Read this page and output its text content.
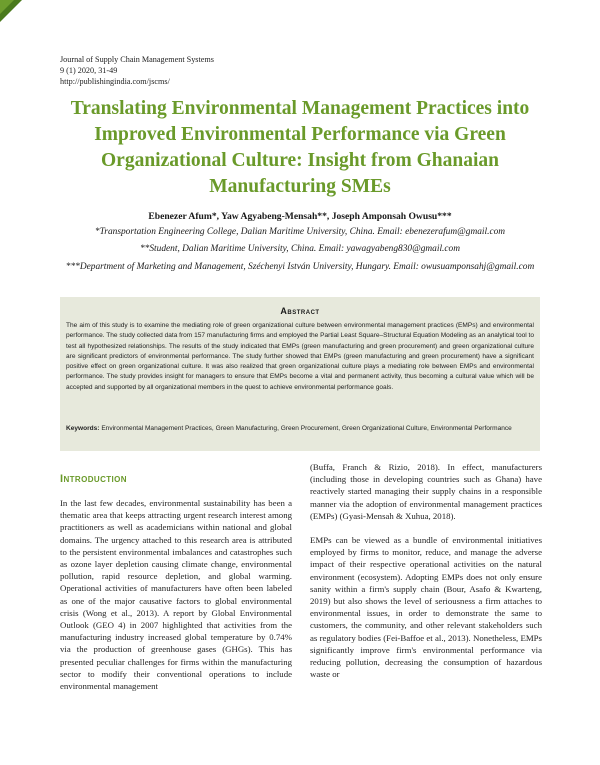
Journal of Supply Chain Management Systems
9 (1) 2020, 31-49
http://publishingindia.com/jscms/
Translating Environmental Management Practices into Improved Environmental Performance via Green Organizational Culture: Insight from Ghanaian Manufacturing SMEs
Ebenezer Afum*, Yaw Agyabeng-Mensah**, Joseph Amponsah Owusu***
*Transportation Engineering College, Dalian Maritime University, China. Email: ebenezerafum@gmail.com
**Student, Dalian Maritime University, China. Email: yawagyabeng830@gmail.com
***Department of Marketing and Management, Széchenyi István University, Hungary. Email: owusuamponsahj@gmail.com
Abstract
The aim of this study is to examine the mediating role of green organizational culture between environmental management practices (EMPs) and environmental performance. The study collected data from 157 manufacturing firms and employed the Partial Least Square–Structural Equation Modeling as an analytical tool to test all hypothesized relationships. The results of the study indicated that EMPs (green manufacturing and green procurement) and green organizational culture are significant predictors of environmental performance. The study further showed that EMPs (green manufacturing and green procurement) have a significant positive effect on green organizational culture. It was also realized that green organizational culture plays a mediating role between EMPs and environmental performance. The study provides insight for managers to ensure that EMPs become a vital and permanent activity, thus becoming a cultural value which will be accepted and supported by all organizational members in the quest to achieve environmental performance goals.
Keywords: Environmental Management Practices, Green Manufacturing, Green Procurement, Green Organizational Culture, Environmental Performance
Introduction

In the last few decades, environmental sustainability has been a thematic area that keeps attracting urgent research interest among practitioners as well as academicians within national and global domains. The urgency attached to this research area is attributed to the persistent environmental imbalances and catastrophes such as ozone layer depletion causing climate change, environmental pollution, rapid resource depletion, and global warming. Operational activities of manufacturers have often been labeled as one of the major causative factors to global environmental crisis (Wong et al., 2013). A report by Global Environmental Outlook (GEO 4) in 2007 highlighted that activities from the manufacturing industry increased global temperature by 0.74% via the production of greenhouse gases (GHGs). This has presented peculiar challenges for firms within the manufacturing sector to modify their conventional operations to include environmental management

(Buffa, Franch & Rizio, 2018). In effect, manufacturers (including those in developing countries such as Ghana) have reactively started managing their supply chains in a responsible manner via the adoption of environmental management practices (EMPs) (Gyasi-Mensah & Xuhua, 2018).

EMPs can be viewed as a bundle of environmental initiatives employed by firms to monitor, reduce, and manage the adverse impact of their respective operational activities on the natural environment (ecosystem). Adopting EMPs does not only ensure sanity within a firm's supply chain (Bour, Asafo & Kwarteng, 2019) but also shows the level of seriousness a firm attaches to environmental issues, in order to demonstrate the same to customers, the community, and other relevant stakeholders such as regulatory bodies (Fei-Baffoe et al., 2013). Nonetheless, EMPs significantly improve firm's environmental performance via reducing pollution, decreasing the consumption of hazardous waste or
